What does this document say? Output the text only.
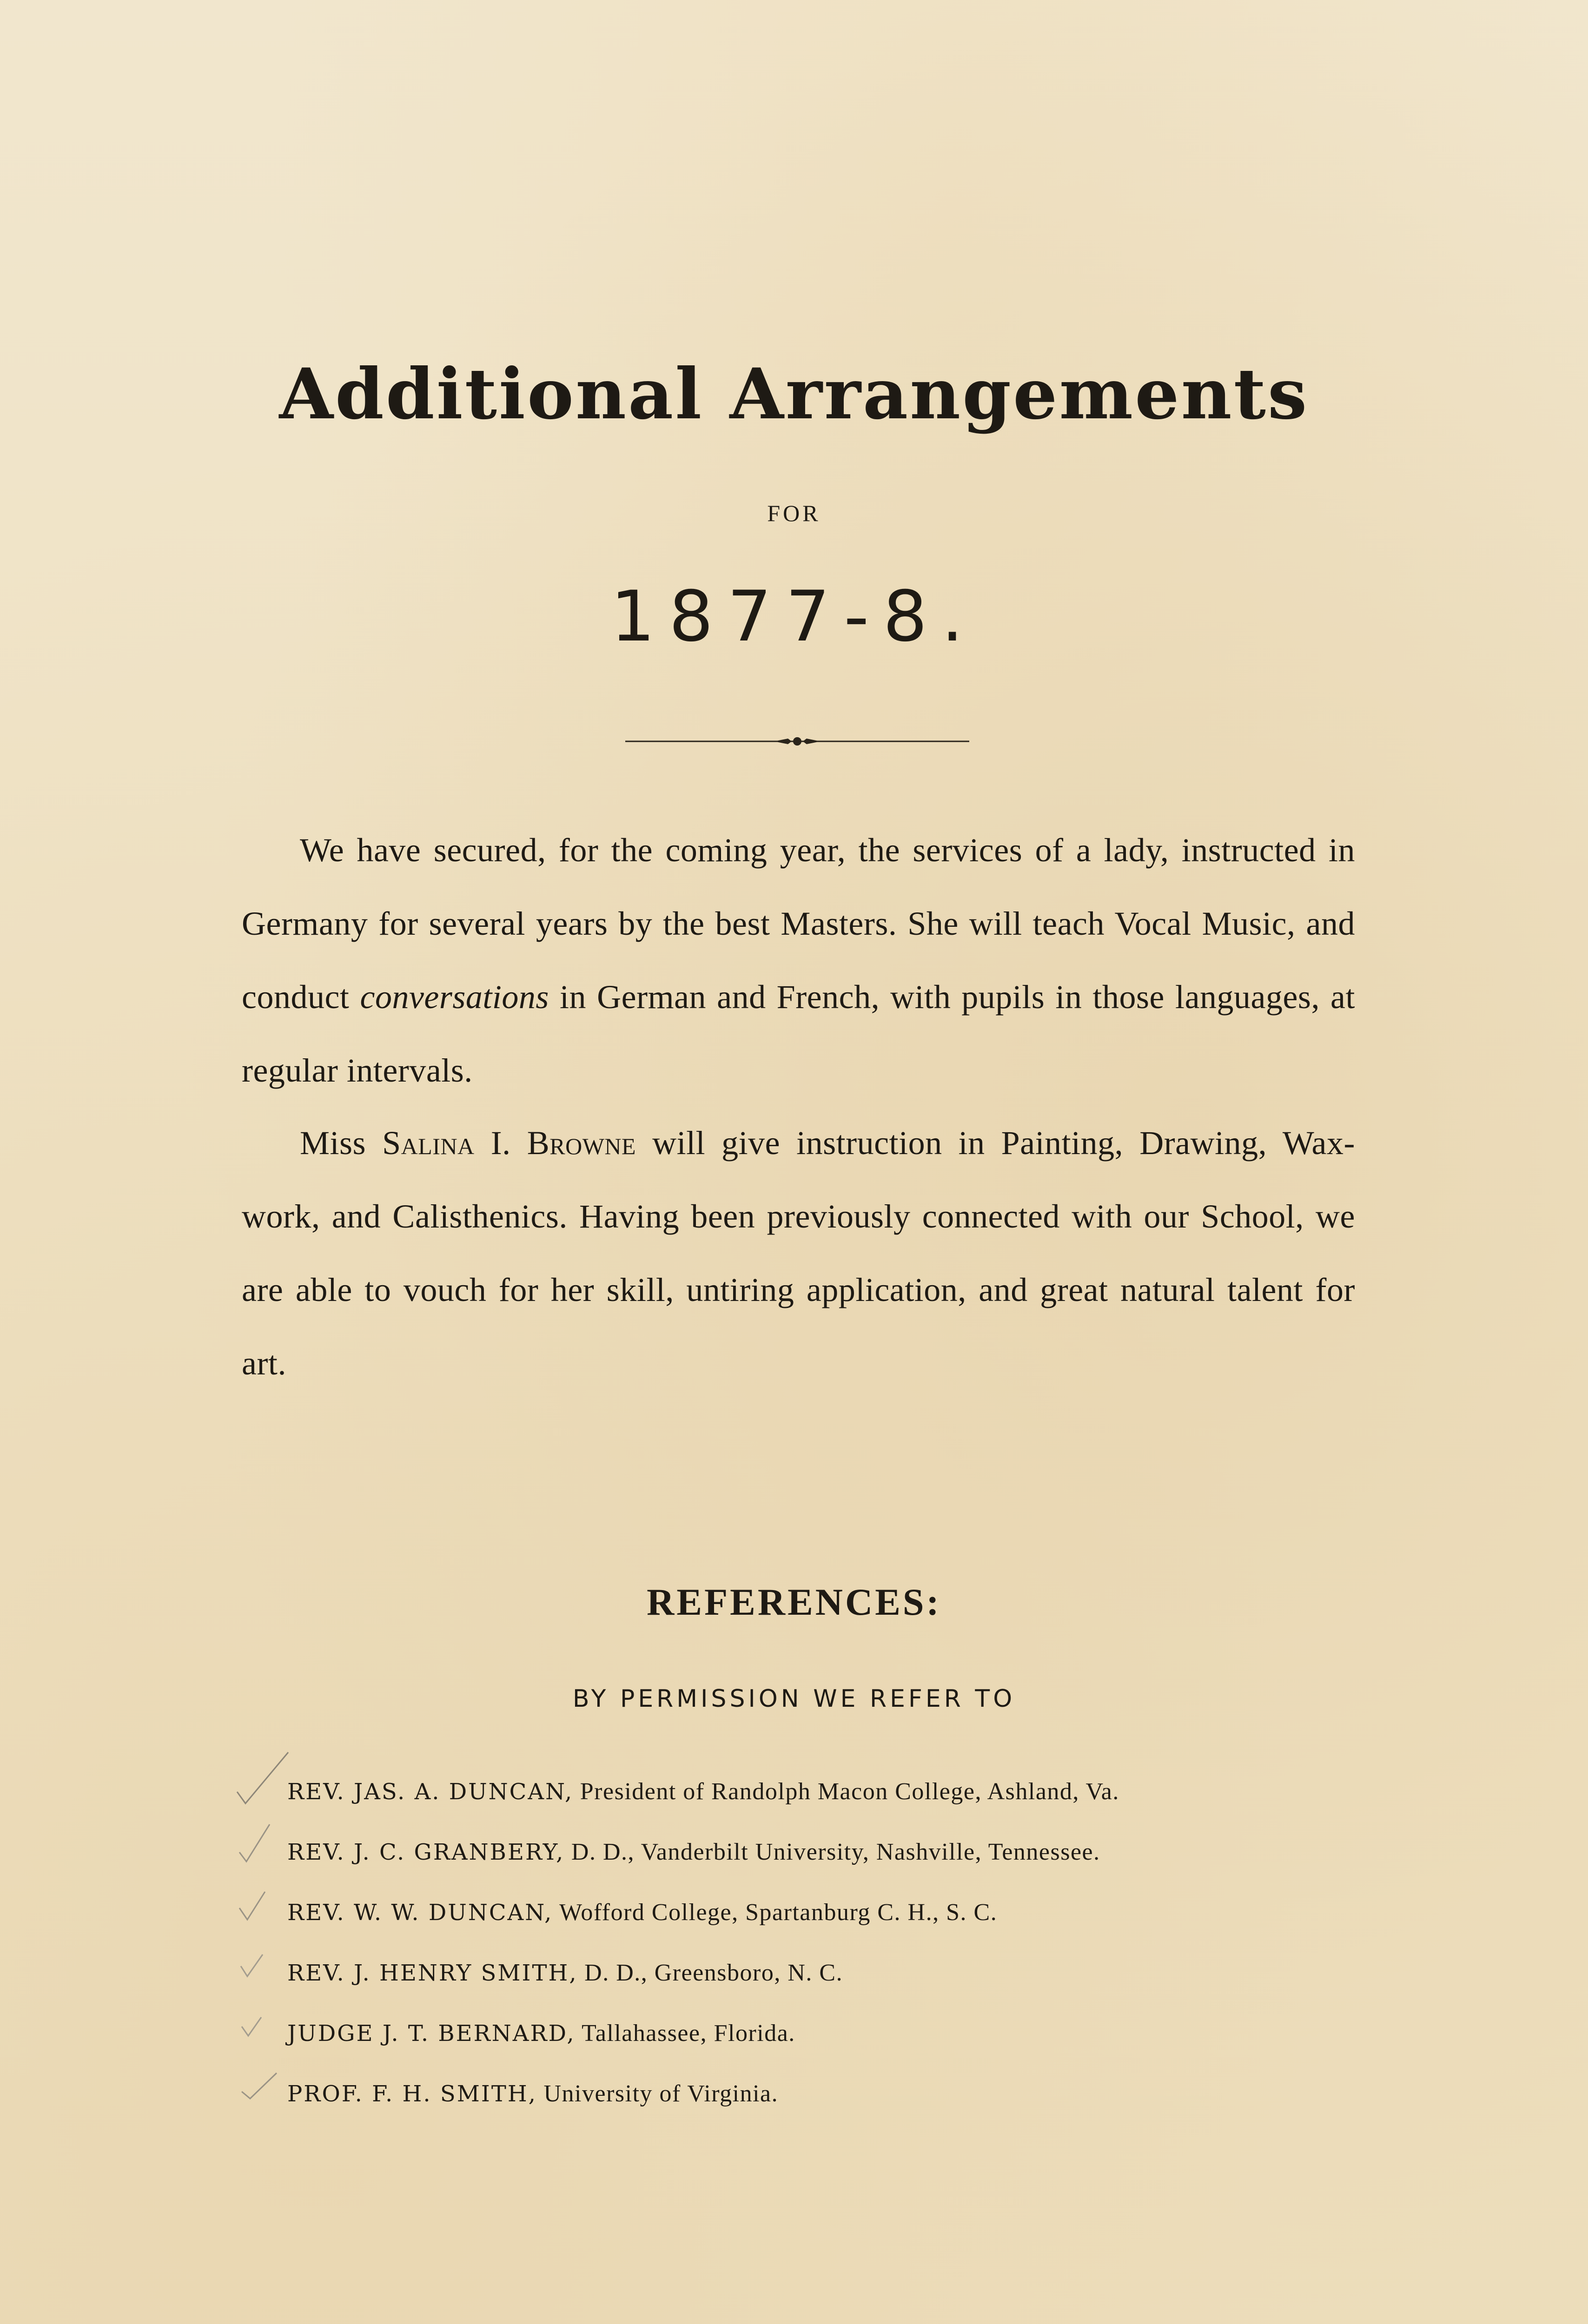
Additional Arrangements
FOR
1877-8.

We have secured, for the coming year, the services of a lady, instructed in Germany for several years by the best Masters. She will teach Vocal Music, and conduct conversations in German and French, with pupils in those languages, at regular intervals.

Miss Salina I. Browne will give instruction in Painting, Drawing, Wax-work, and Calisthenics. Having been previously connected with our School, we are able to vouch for her skill, untiring application, and great natural talent for art.

REFERENCES:
BY PERMISSION WE REFER TO
REV. JAS. A. DUNCAN, President of Randolph Macon College, Ashland, Va.
REV. J. C. GRANBERY, D. D., Vanderbilt University, Nashville, Tennessee.
REV. W. W. DUNCAN, Wofford College, Spartanburg C. H., S. C.
REV. J. HENRY SMITH, D. D., Greensboro, N. C.
JUDGE J. T. BERNARD, Tallahassee, Florida.
PROF. F. H. SMITH, University of Virginia.
